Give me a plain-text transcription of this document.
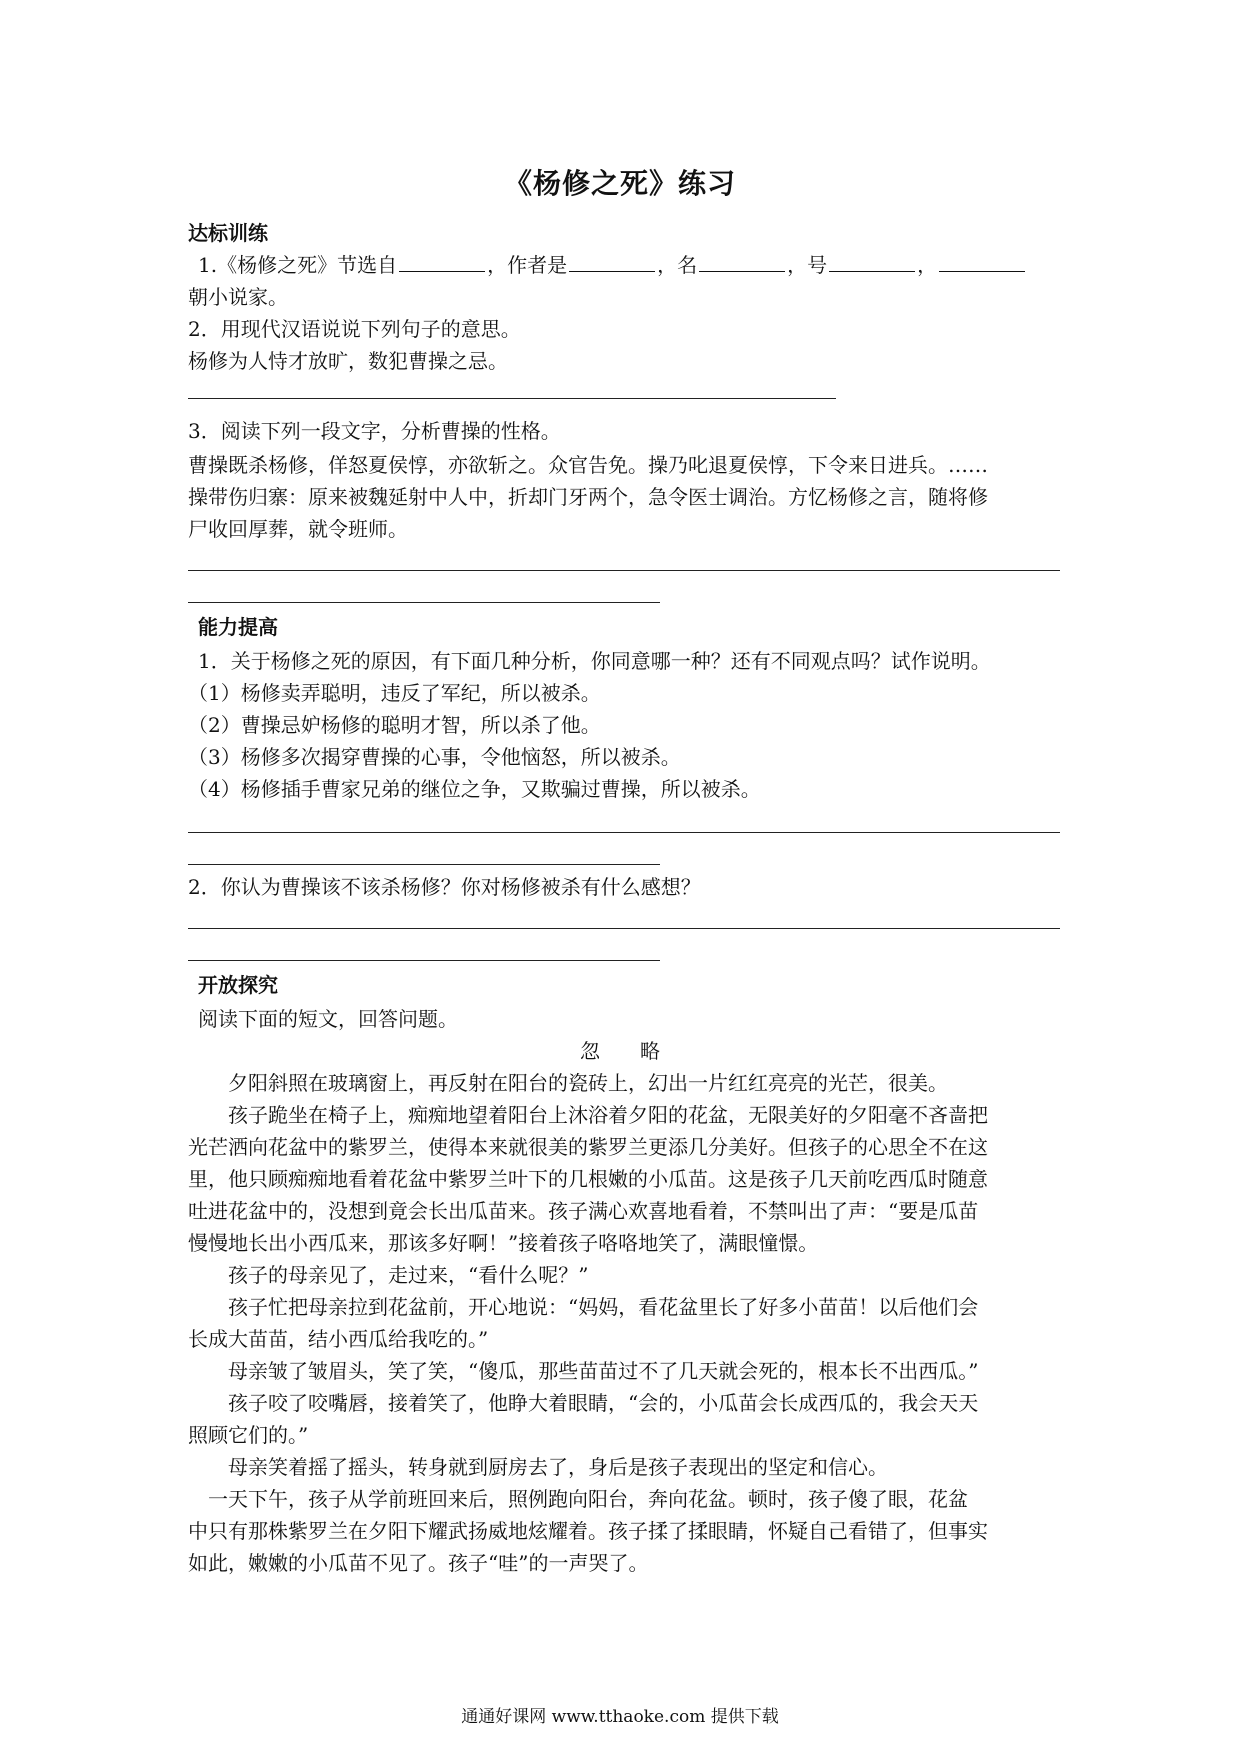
《杨修之死》练习
达标训练
1.《杨修之死》节选自	，作者是	，名	，号	，
朝小说家。
2．用现代汉语说说下列句子的意思。
杨修为人恃才放旷，数犯曹操之忌。
3．阅读下列一段文字，分析曹操的性格。
曹操既杀杨修，佯怒夏侯惇，亦欲斩之。众官告免。操乃叱退夏侯惇，下令来日进兵。……
操带伤归寨：原来被魏延射中人中，折却门牙两个，急令医士调治。方忆杨修之言，随将修
尸收回厚葬，就令班师。
能力提高
1．关于杨修之死的原因，有下面几种分析，你同意哪一种？还有不同观点吗？试作说明。
（1）杨修卖弄聪明，违反了军纪，所以被杀。
（2）曹操忌妒杨修的聪明才智，所以杀了他。
（3）杨修多次揭穿曹操的心事，令他恼怒，所以被杀。
（4）杨修插手曹家兄弟的继位之争，又欺骗过曹操，所以被杀。
2．你认为曹操该不该杀杨修？你对杨修被杀有什么感想？
开放探究
阅读下面的短文，回答问题。
忽　　略
　　夕阳斜照在玻璃窗上，再反射在阳台的瓷砖上，幻出一片红红亮亮的光芒，很美。
　　孩子跪坐在椅子上，痴痴地望着阳台上沐浴着夕阳的花盆，无限美好的夕阳毫不吝啬把
光芒洒向花盆中的紫罗兰，使得本来就很美的紫罗兰更添几分美好。但孩子的心思全不在这
里，他只顾痴痴地看着花盆中紫罗兰叶下的几根嫩的小瓜苗。这是孩子几天前吃西瓜时随意
吐进花盆中的，没想到竟会长出瓜苗来。孩子满心欢喜地看着，不禁叫出了声：“要是瓜苗
慢慢地长出小西瓜来，那该多好啊！”接着孩子咯咯地笑了，满眼憧憬。
　　孩子的母亲见了，走过来，“看什么呢？”
　　孩子忙把母亲拉到花盆前，开心地说：“妈妈，看花盆里长了好多小苗苗！以后他们会
长成大苗苗，结小西瓜给我吃的。”
　　母亲皱了皱眉头，笑了笑，“傻瓜，那些苗苗过不了几天就会死的，根本长不出西瓜。”
　　孩子咬了咬嘴唇，接着笑了，他睁大着眼睛，“会的，小瓜苗会长成西瓜的，我会天天
照顾它们的。”
　　母亲笑着摇了摇头，转身就到厨房去了，身后是孩子表现出的坚定和信心。
　一天下午，孩子从学前班回来后，照例跑向阳台，奔向花盆。顿时，孩子傻了眼，花盆
中只有那株紫罗兰在夕阳下耀武扬威地炫耀着。孩子揉了揉眼睛，怀疑自己看错了，但事实
如此，嫩嫩的小瓜苗不见了。孩子“哇”的一声哭了。
通通好课网 www.tthaoke.com 提供下载
